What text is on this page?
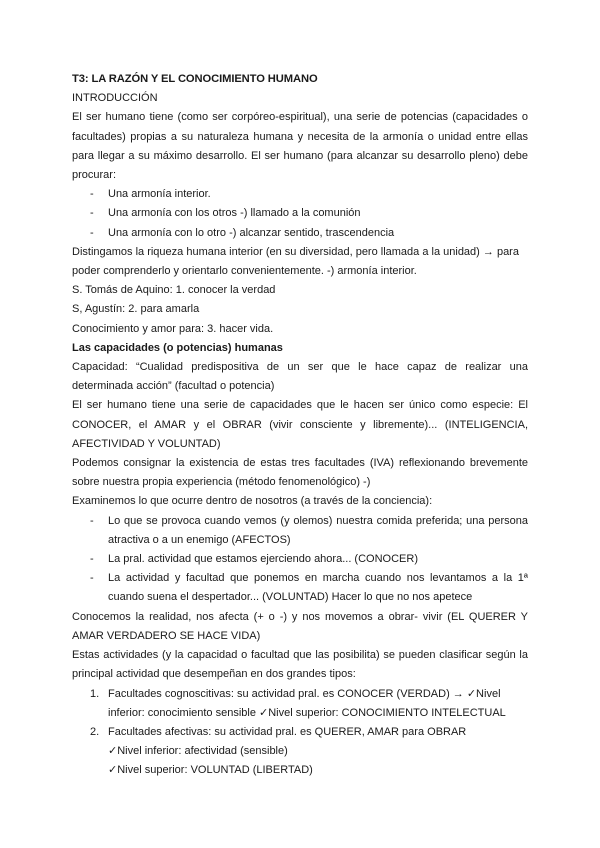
T3: LA RAZÓN Y EL CONOCIMIENTO HUMANO

INTRODUCCIÓN

El ser humano tiene (como ser corpóreo-espiritual), una serie de potencias (capacidades o facultades) propias a su naturaleza humana y necesita de la armonía o unidad entre ellas para llegar a su máximo desarrollo. El ser humano (para alcanzar su desarrollo pleno) debe procurar:

- Una armonía interior.

- Una armonía con los otros -) llamado a la comunión

- Una armonía con lo otro -) alcanzar sentido, trascendencia

Distingamos la riqueza humana interior (en su diversidad, pero llamada a la unidad) → para poder comprenderlo y orientarlo convenientemente. -) armonía interior.

S. Tomás de Aquino: 1. conocer la verdad

S, Agustín: 2. para amarla

Conocimiento y amor para: 3. hacer vida.

Las capacidades (o potencias) humanas

Capacidad: “Cualidad predispositiva de un ser que le hace capaz de realizar una determinada acción” (facultad o potencia)

El ser humano tiene una serie de capacidades que le hacen ser único como especie: El CONOCER, el AMAR y el OBRAR (vivir consciente y libremente)... (INTELIGENCIA, AFECTIVIDAD Y VOLUNTAD)

Podemos consignar la existencia de estas tres facultades (IVA) reflexionando brevemente sobre nuestra propia experiencia (método fenomenológico) -)

Examinemos lo que ocurre dentro de nosotros (a través de la conciencia):

- Lo que se provoca cuando vemos (y olemos) nuestra comida preferida; una persona atractiva o a un enemigo (AFECTOS)

- La pral. actividad que estamos ejerciendo ahora... (CONOCER)

- La actividad y facultad que ponemos en marcha cuando nos levantamos a la 1ª cuando suena el despertador... (VOLUNTAD) Hacer lo que no nos apetece

Conocemos la realidad, nos afecta (+ o -) y nos movemos a obrar- vivir (EL QUERER Y AMAR VERDADERO SE HACE VIDA)

Estas actividades (y la capacidad o facultad que las posibilita) se pueden clasificar según la principal actividad que desempeñan en dos grandes tipos:

1. Facultades cognoscitivas: su actividad pral. es CONOCER (VERDAD) → ✓Nivel inferior: conocimiento sensible ✓Nivel superior: CONOCIMIENTO INTELECTUAL

2. Facultades afectivas: su actividad pral. es QUERER, AMAR para OBRAR

✓Nivel inferior: afectividad (sensible)

✓Nivel superior: VOLUNTAD (LIBERTAD)
